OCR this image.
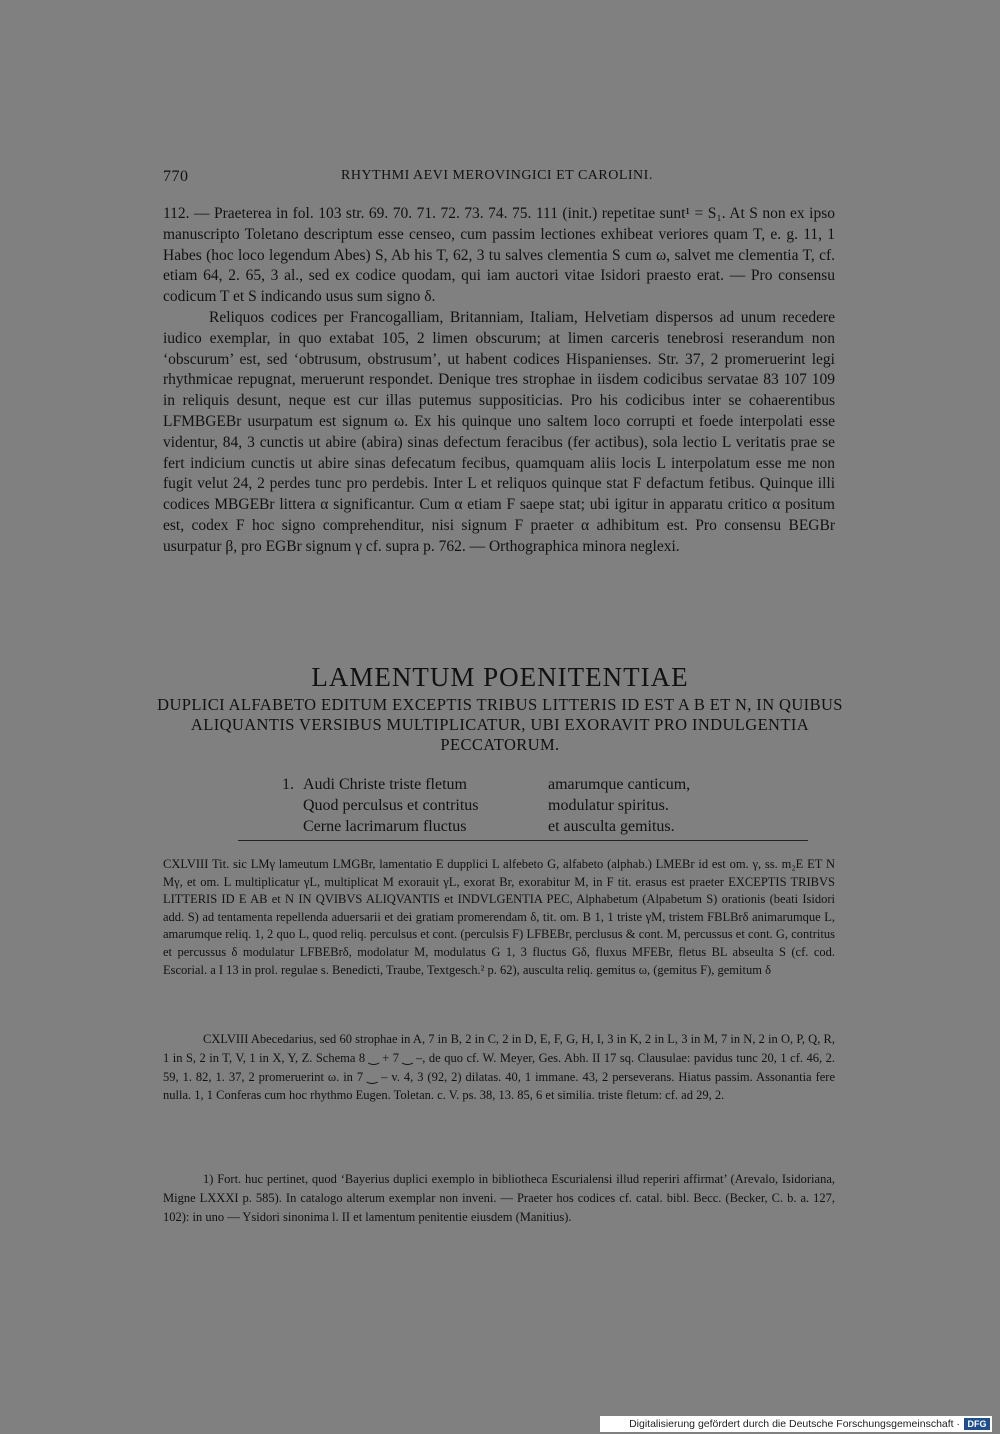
770	RHYTHMI AEVI MEROVINGICI ET CAROLINI.

112. — Praeterea in fol. 103 str. 69. 70. 71. 72. 73. 74. 75. 111 (init.) repetitae sunt¹ = S₁. At S non ex ipso manuscripto Toletano descriptum esse censeo, cum passim lectiones exhibeat veriores quam T, e. g. 11, 1 Habes (hoc loco legendum Abes) S, Ab his T, 62, 3 tu salves clementia S cum ω, salvet me clementia T, cf. etiam 64, 2. 65, 3 al., sed ex codice quodam, qui iam auctori vitae Isidori praesto erat. — Pro consensu codicum T et S indicando usus sum signo δ.

Reliquos codices per Francogalliam, Britanniam, Italiam, Helvetiam dispersos ad unum recedere iudico exemplar, in quo extabat 105, 2 limen obscurum; at limen carceris tenebrosi reserandum non ‘obscurum’ est, sed ‘obtrusum, obstrusum’, ut habent codices Hispanienses. Str. 37, 2 promeruerint legi rhythmicae repugnat, meruerunt respondet. Denique tres strophae in iisdem codicibus servatae 83 107 109 in reliquis desunt, neque est cur illas putemus suppositicias. Pro his codicibus inter se cohaerentibus LFMBGEBr usurpatum est signum ω. Ex his quinque uno saltem loco corrupti et foede interpolati esse videntur, 84, 3 cunctis ut abire (abira) sinas defectum feracibus (fer actibus), sola lectio L veritatis prae se fert indicium cunctis ut abire sinas defecatum fecibus, quamquam aliis locis L interpolatum esse me non fugit velut 24, 2 perdes tunc pro perdebis. Inter L et reliquos quinque stat F defactum fetibus. Quinque illi codices MBGEBr littera α significantur. Cum α etiam F saepe stat; ubi igitur in apparatu critico α positum est, codex F hoc signo comprehenditur, nisi signum F praeter α adhibitum est. Pro consensu BEGBr usurpatur β, pro EGBr signum γ cf. supra p. 762. — Orthographica minora neglexi.

LAMENTUM POENITENTIAE

DUPLICI ALFABETO EDITUM EXCEPTIS TRIBUS LITTERIS ID EST A B ET N, IN QUIBUS ALIQUANTIS VERSIBUS MULTIPLICATUR, UBI EXORAVIT PRO INDULGENTIA PECCATORUM.

1. Audi Christe triste fletum	amarumque canticum,
Quod perculsus et contritus	modulatur spiritus.
Cerne lacrimarum fluctus	et ausculta gemitus.

CXLVIII Tit. sic LMγ lameutum LMGBr, lamentatio E dupplici L alfebeto G, alfabeto (alphab.) LMEBr id est om. γ, ss. m₂E ET N Mγ, et om. L multiplicatur γL, multiplicat M exorauit γL, exorat Br, exorabitur M, in F tit. erasus est praeter EXCEPTIS TRIBVS LITTERIS ID E AB et N IN QVIBVS ALIQVANTIS et INDVLGENTIA PEC, Alphabetum (Alpabetum S) orationis (beati Isidori add. S) ad tentamenta repellenda aduersarii et dei gratiam promerendam δ, tit. om. B 1, 1 triste γM, tristem FBLBrδ animarumque L, amarumque reliq. 1, 2 quo L, quod reliq. perculsus et cont. (perculsis F) LFBEBr, perclusus & cont. M, percussus et cont. G, contritus et percussus δ modulatur LFBEBrδ, modolatur M, modulatus G 1, 3 fluctus Gδ, fluxus MFEBr, fletus BL abseulta S (cf. cod. Escorial. a I 13 in prol. regulae s. Benedicti, Traube, Textgesch.² p. 62), ausculta reliq. gemitus ω, (gemitus F), gemitum δ

CXLVIII Abecedarius, sed 60 strophae in A, 7 in B, 2 in C, 2 in D, E, F, G, H, I, 3 in K, 2 in L, 3 in M, 7 in N, 2 in O, P, Q, R, 1 in S, 2 in T, V, 1 in X, Y, Z. Schema 8 ‿ + 7 ‿ –, de quo cf. W. Meyer, Ges. Abh. II 17 sq. Clausulae: pavidus tunc 20, 1 cf. 46, 2. 59, 1. 82, 1. 37, 2 promeruerint ω. in 7 ‿ – v. 4, 3 (92, 2) dilatas. 40, 1 immane. 43, 2 perseverans. Hiatus passim. Assonantia fere nulla. 1, 1 Conferas cum hoc rhythmo Eugen. Toletan. c. V. ps. 38, 13. 85, 6 et similia. triste fletum: cf. ad 29, 2.

1) Fort. huc pertinet, quod ‘Bayerius duplici exemplo in bibliotheca Escurialensi illud reperiri affirmat’ (Arevalo, Isidoriana, Migne LXXXI p. 585). In catalogo alterum exemplar non inveni. — Praeter hos codices cf. catal. bibl. Becc. (Becker, C. b. a. 127, 102): in uno — Ysidori sinonima l. II et lamentum penitentie eiusdem (Manitius).

Digitalisierung gefördert durch die Deutsche Forschungsgemeinschaft · DFG
